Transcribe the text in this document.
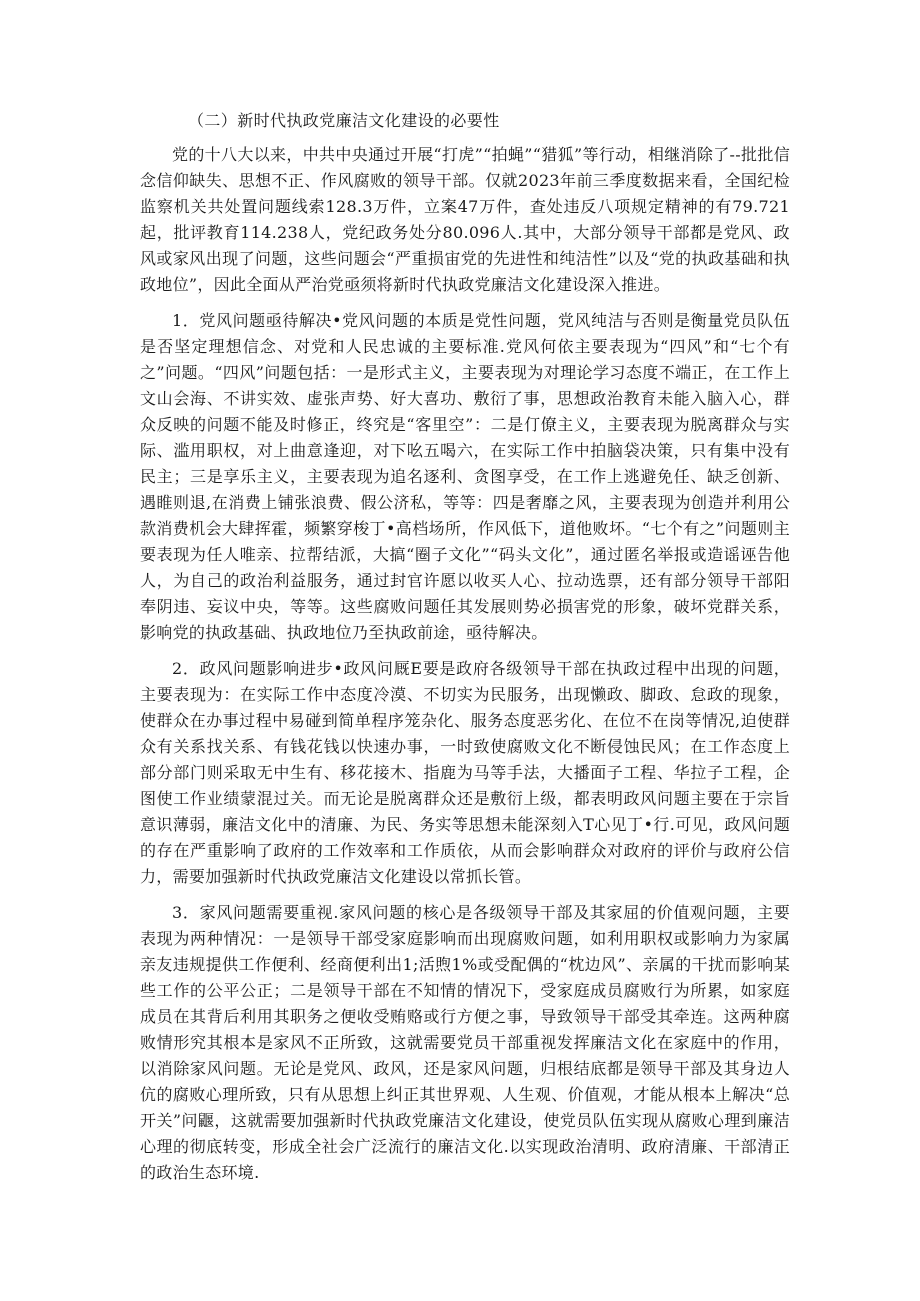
（二）新时代执政党廉洁文化建设的必要性

党的十八大以来，中共中央通过开展“打虎”“拍蝇”“猎狐”等行动，相继消除了--批批信念信仰缺失、思想不正、作风腐败的领导干部。仅就2023年前三季度数据来看，全国纪检监察机关共处置问题线索128.3万件，立案47万件，查处违反八项规定精神的有79.721起，批评教育114.238人，党纪政务处分80.096人.其中，大部分领导干部都是党风、政风或家风出现了问题，这些问题会“严重损宙党的先进性和纯洁性”以及“党的执政基础和执政地位”，因此全面从严治党亟须将新时代执政党廉洁文化建设深入推进。

1．党风问题亟待解决•党风问题的本质是党性问题，党风纯洁与否则是衡量党员队伍是否坚定理想信念、对党和人民忠诚的主要标准.党风何依主要表现为“四风”和“七个有之”问题。“四风”问题包括：一是形式主义，主要表现为对理论学习态度不端正，在工作上文山会海、不讲实效、虚张声势、好大喜功、敷衍了事，思想政治教育未能入脑入心，群众反映的问题不能及时修正，终究是“客里空”：二是仃僚主义，主要表现为脱离群众与实际、滥用职权，对上曲意逢迎，对下吆五喝六，在实际工作中拍脑袋决策，只有集中没有民主；三是享乐主义，主要表现为追名逐利、贪图享受，在工作上逃避免任、缺乏创新、遇睢则退,在消费上铺张浪费、假公济私，等等：四是奢靡之风，主要表现为创造并利用公款消费机会大肆挥霍，频繁穿梭丁•高档场所，作风低下，道他败坏。“七个有之”问题则主要表现为任人唯亲、拉帮结派，大搞“圈子文化”“码头文化”，通过匿名举报或造谣诬告他人，为自己的政治利益服务，通过封官许愿以收买人心、拉动选票，还有部分领导干部阳奉阴违、妄议中央，等等。这些腐败问题任其发展则势必损害党的形象，破坏党群关系，影响党的执政基础、执政地位乃至执政前途，亟待解决。

2．政风问题影响进步•政风问厩E要是政府各级领导干部在执政过程中出现的问题，主要表现为：在实际工作中态度冷漠、不切实为民服务，出现懒政、脚政、怠政的现象，使群众在办事过程中易碰到简单程序笼杂化、服务态度恶劣化、在位不在岗等情况,迫使群众有关系找关系、有钱花钱以快速办事，一时致使腐败文化不断侵蚀民风；在工作态度上部分部门则采取无中生有、移花接木、指鹿为马等手法，大播面子工程、华拉子工程，企图使工作业绩蒙混过关。而无论是脱离群众还是敷衍上级，都表明政风问题主要在于宗旨意识薄弱，廉洁文化中的清廉、为民、务实等思想未能深刻入T心见丁•行.可见，政风问题的存在严重影响了政府的工作效率和工作质依，从而会影响群众对政府的评价与政府公信力，需要加强新时代执政党廉洁文化建设以常抓长管。

3．家风问题需要重视.家风问题的核心是各级领导干部及其家屈的价值观问题，主要表现为两种情况：一是领导干部受家庭影响而出现腐败问题，如利用职权或影响力为家属亲友违规提供工作便利、经商便利出1;活煦1%或受配偶的“枕边风”、亲属的干扰而影响某些工作的公平公正；二是领导干部在不知情的情况下，受家庭成员腐败行为所累，如家庭成员在其背后利用其职务之便收受贿赂或行方便之事，导致领导干部受其牵连。这两种腐败情形究其根本是家风不正所致，这就需要党员干部重视发挥廉洁文化在家庭中的作用，以消除家风问题。无论是党风、政风，还是家风问题，归根结底都是领导干部及其身边人伉的腐败心理所致，只有从思想上纠正其世界观、人生观、价值观，才能从根本上解决“总开关”问鼴，这就需要加强新时代执政党廉洁文化建设，使党员队伍实现从腐败心理到廉洁心理的彻底转变，形成全社会广泛流行的廉洁文化.以实现政治清明、政府清廉、干部清正的政治生态环境.
